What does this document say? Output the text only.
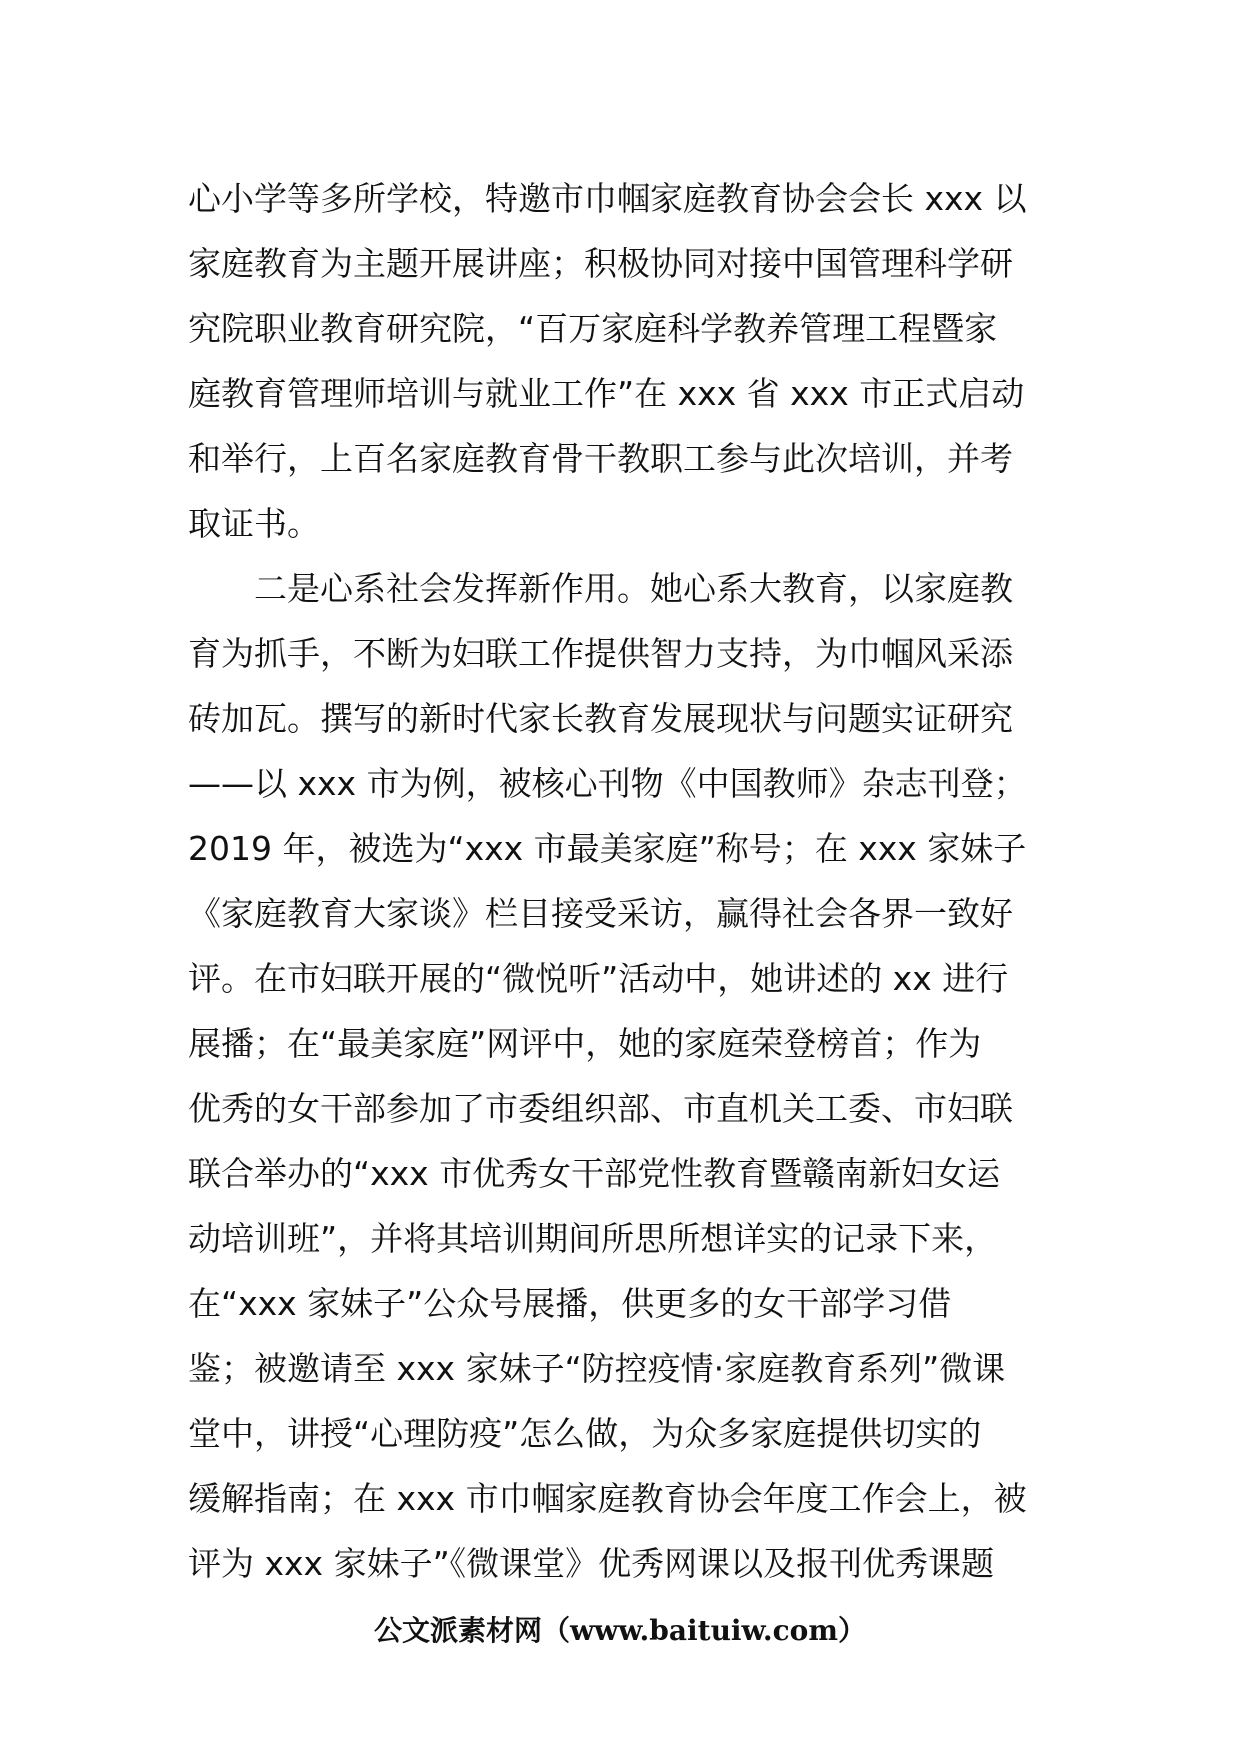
心小学等多所学校，特邀市巾帼家庭教育协会会长 xxx 以
家庭教育为主题开展讲座；积极协同对接中国管理科学研
究院职业教育研究院，“百万家庭科学教养管理工程暨家
庭教育管理师培训与就业工作”在 xxx 省 xxx 市正式启动
和举行，上百名家庭教育骨干教职工参与此次培训，并考
取证书。
二是心系社会发挥新作用。她心系大教育，以家庭教
育为抓手，不断为妇联工作提供智力支持，为巾帼风采添
砖加瓦。撰写的新时代家长教育发展现状与问题实证研究
——以 xxx 市为例，被核心刊物《中国教师》杂志刊登；
2019 年，被选为“xxx 市最美家庭”称号；在 xxx 家妹子
《家庭教育大家谈》栏目接受采访，赢得社会各界一致好
评。在市妇联开展的“微悦听”活动中，她讲述的 xx 进行
展播；在“最美家庭”网评中，她的家庭荣登榜首；作为
优秀的女干部参加了市委组织部、市直机关工委、市妇联
联合举办的“xxx 市优秀女干部党性教育暨赣南新妇女运
动培训班”，并将其培训期间所思所想详实的记录下来，
在“xxx 家妹子”公众号展播，供更多的女干部学习借
鉴；被邀请至 xxx 家妹子“防控疫情·家庭教育系列”微课
堂中，讲授“心理防疫”怎么做，为众多家庭提供切实的
缓解指南；在 xxx 市巾帼家庭教育协会年度工作会上，被
评为 xxx 家妹子”《微课堂》优秀网课以及报刊优秀课题
公文派素材网（www.baituiw.com）
